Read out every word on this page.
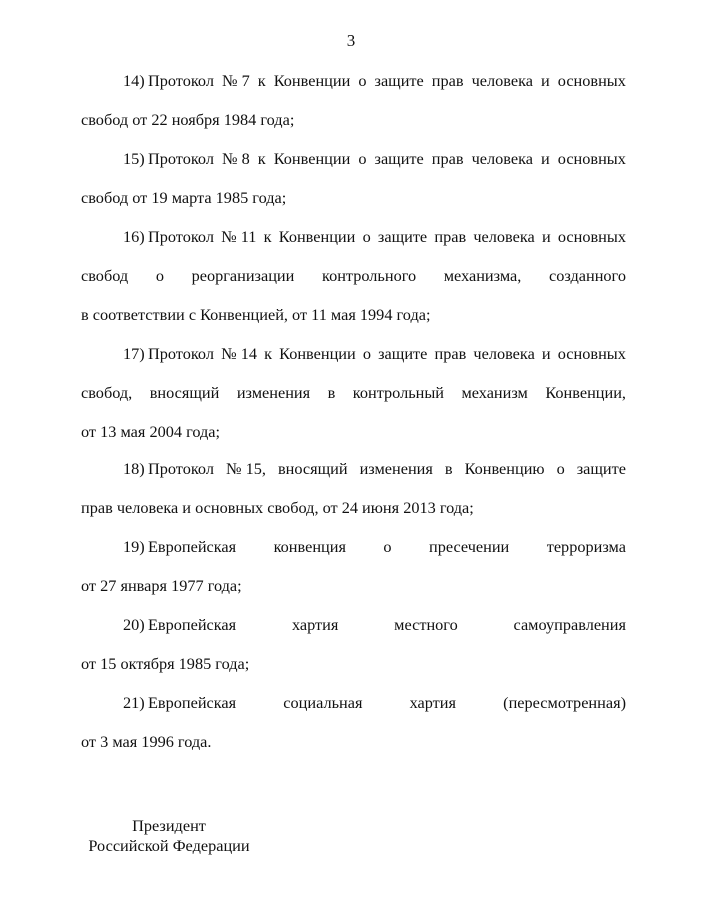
3
14)  Протокол № 7 к Конвенции о защите прав человека и основных
свобод от 22 ноября 1984 года;
15)  Протокол № 8 к Конвенции о защите прав человека и основных
свобод от 19 марта 1985 года;
16)  Протокол № 11 к Конвенции о защите прав человека и основных
свобод о реорганизации контрольного механизма, созданного
в соответствии с Конвенцией, от 11 мая 1994 года;
17)  Протокол № 14 к Конвенции о защите прав человека и основных
свобод, вносящий изменения в контрольный механизм Конвенции,
от 13 мая 2004 года;
18)  Протокол № 15, вносящий изменения в Конвенцию о защите
прав человека и основных свобод, от 24 июня 2013 года;
19)  Европейская конвенция о пресечении терроризма
от 27 января 1977 года;
20)  Европейская	хартия	местного	самоуправления
от 15 октября 1985 года;
21)  Европейская	социальная	хартия	(пересмотренная)
от 3 мая 1996 года.
Президент
Российской Федерации
